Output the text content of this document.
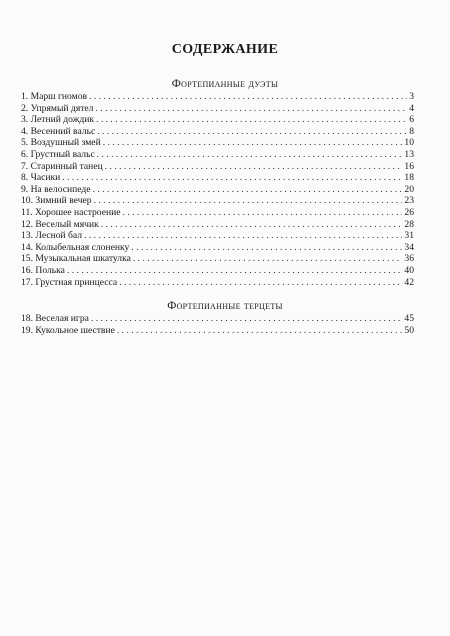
СОДЕРЖАНИЕ
Фортепианные дуэты
1. Марш гномов . . .	3
2. Упрямый дятел . . .	4
3. Летний дождик . . .	6
4. Весенний вальс . . .	8
5. Воздушный змей . . .	10
6. Грустный вальс . . .	13
7. Старинный танец . . .	16
8. Часики . . .	18
9. На велосипеде . . .	20
10. Зимний вечер . . .	23
11. Хорошее настроение . . .	26
12. Веселый мячик . . .	28
13. Лесной бал . . .	31
14. Колыбельная слоненку . . .	34
15. Музыкальная шкатулка . . .	36
16. Полька . . .	40
17. Грустная принцесса . . .	42
Фортепианные терцеты
18. Веселая игра . . .	45
19. Кукольное шествие . . .	50
